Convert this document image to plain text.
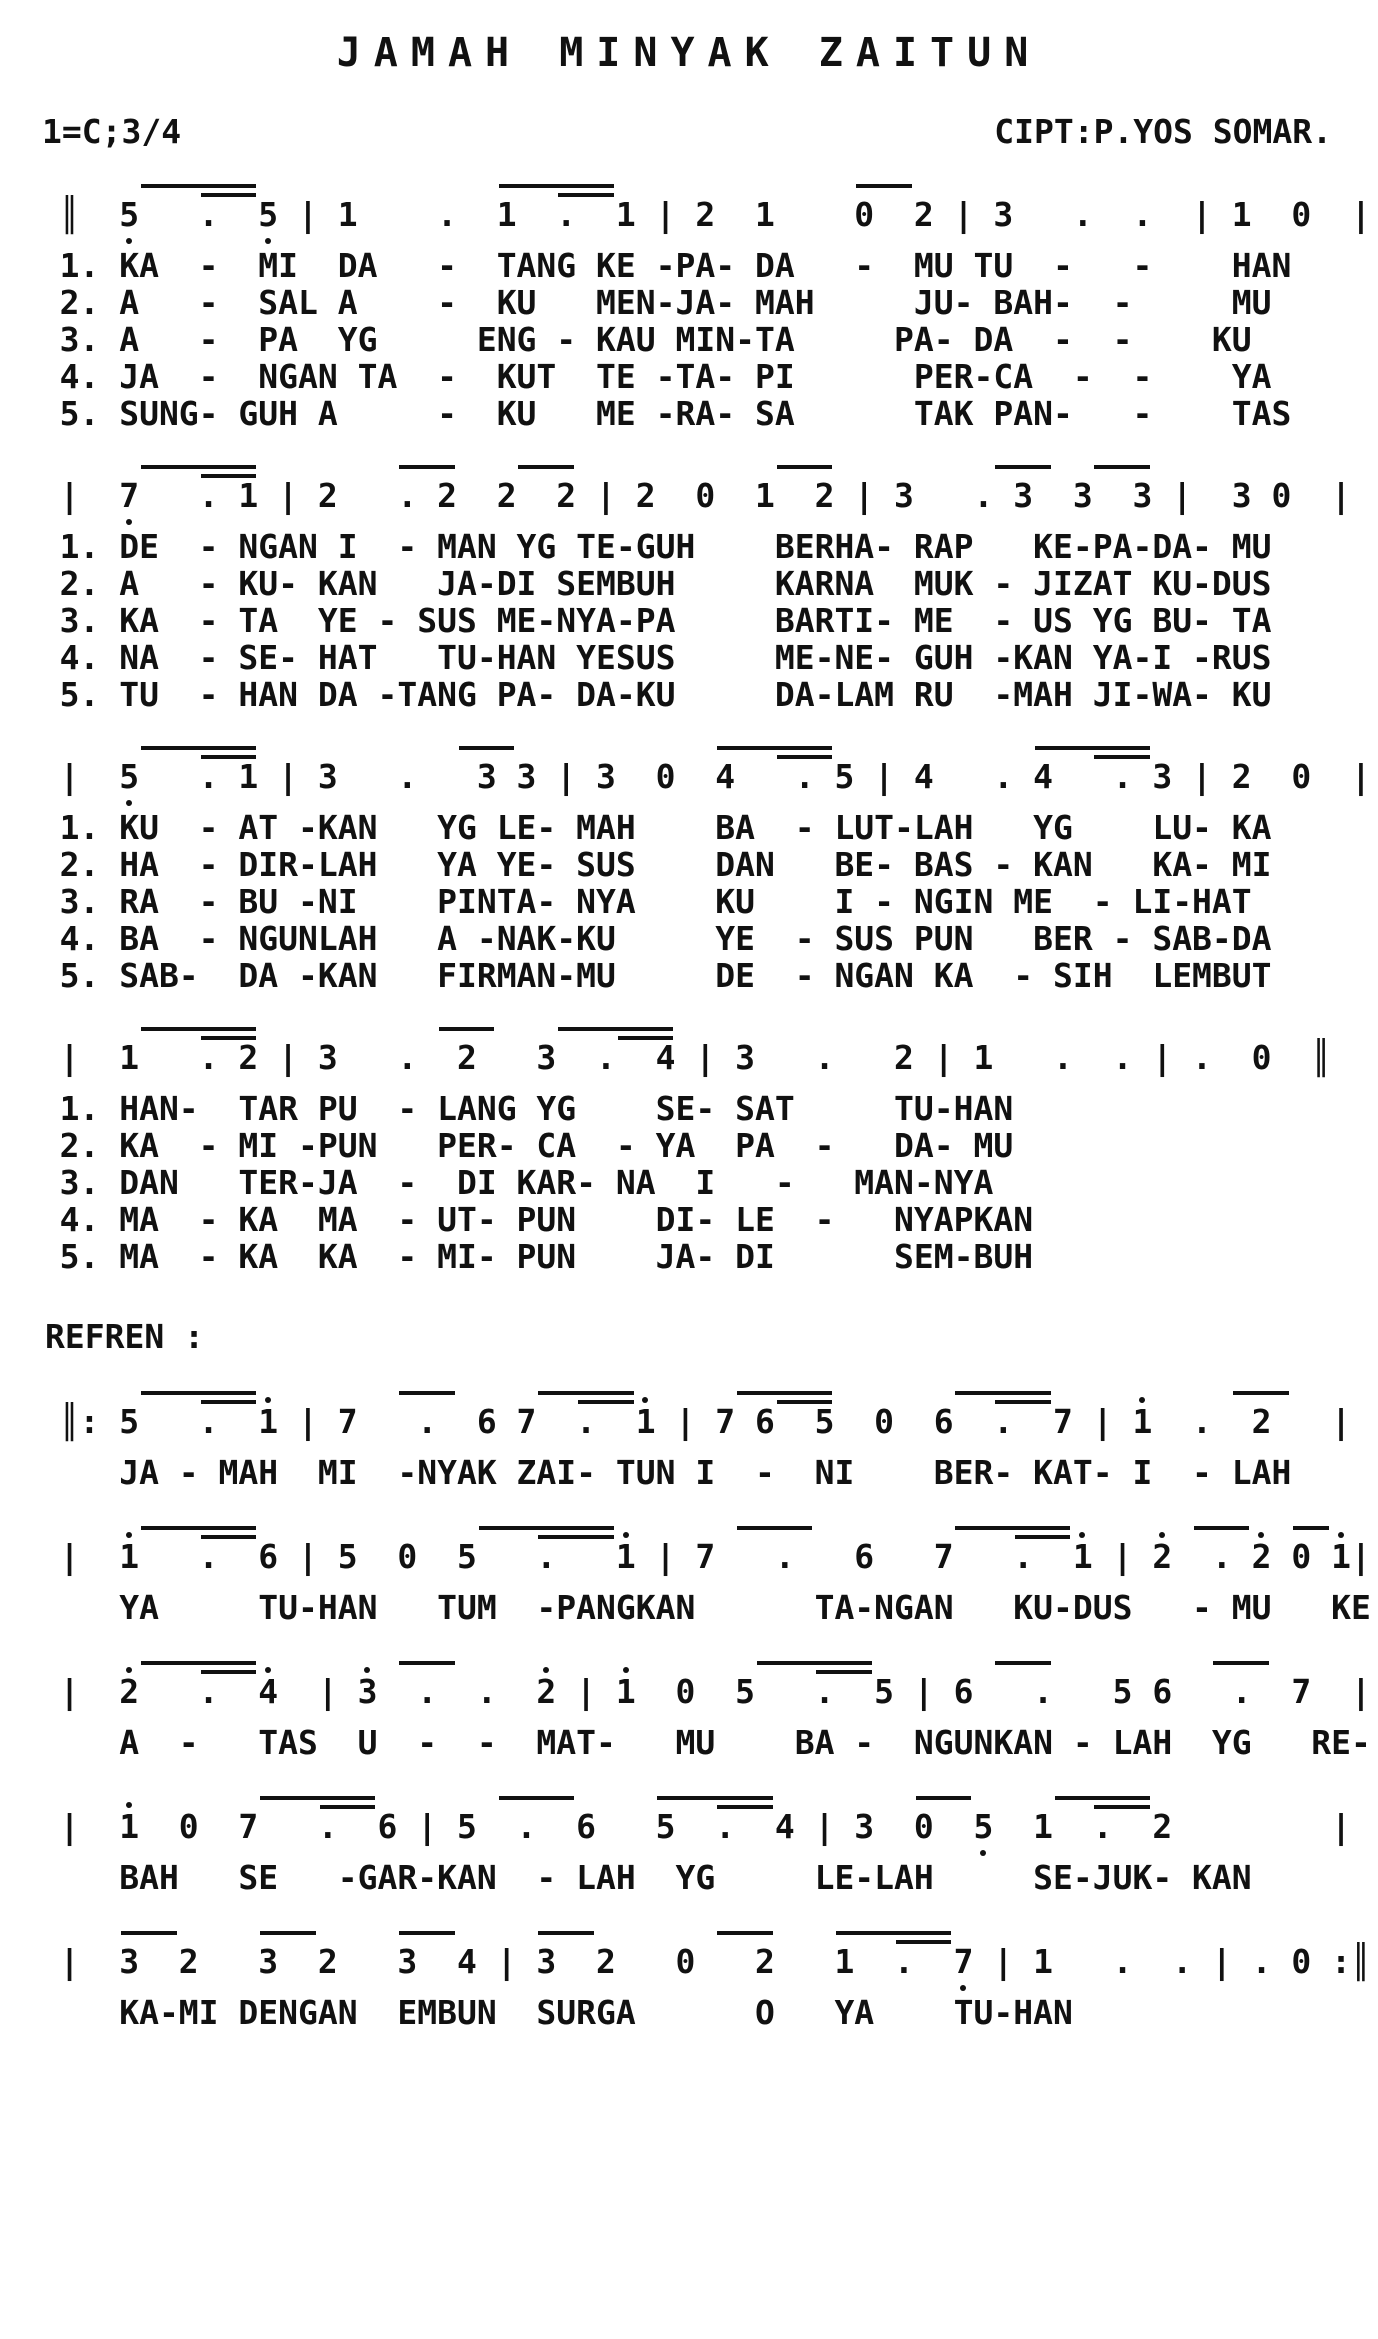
JAMAH MINYAK ZAITUN
1=C;3/4	CIPT:P.YOS SOMAR.
║  5   .  5 | 1    .  1  .  1 | 2  1    0  2 | 3   .  .  | 1  0  |
1. KA  -  MI  DA   -  TANG KE -PA- DA   -  MU TU  -   -    HAN
2. A   -  SAL A    -  KU   MEN-JA- MAH     JU- BAH-  -     MU
3. A   -  PA  YG     ENG - KAU MIN-TA     PA- DA  -  -    KU
4. JA  -  NGAN TA  -  KUT  TE -TA- PI      PER-CA  -  -    YA
5. SUNG- GUH A     -  KU   ME -RA- SA      TAK PAN-   -    TAS
|  7   . 1 | 2   . 2  2  2 | 2  0  1  2 | 3   . 3  3  3 |  3 0  |
1. DE  - NGAN I  - MAN YG TE-GUH    BERHA- RAP   KE-PA-DA- MU
2. A   - KU- KAN   JA-DI SEMBUH     KARNA  MUK - JIZAT KU-DUS
3. KA  - TA  YE - SUS ME-NYA-PA     BARTI- ME  - US YG BU- TA
4. NA  - SE- HAT   TU-HAN YESUS     ME-NE- GUH -KAN YA-I -RUS
5. TU  - HAN DA -TANG PA- DA-KU     DA-LAM RU  -MAH JI-WA- KU
|  5   . 1 | 3   .   3 3 | 3  0  4   . 5 | 4   . 4   . 3 | 2  0  |
1. KU  - AT -KAN   YG LE- MAH    BA  - LUT-LAH   YG    LU- KA
2. HA  - DIR-LAH   YA YE- SUS    DAN   BE- BAS - KAN   KA- MI
3. RA  - BU -NI    PINTA- NYA    KU    I - NGIN ME  - LI-HAT
4. BA  - NGUNLAH   A -NAK-KU     YE  - SUS PUN   BER - SAB-DA
5. SAB-  DA -KAN   FIRMAN-MU     DE  - NGAN KA  - SIH  LEMBUT
|  1   . 2 | 3   .  2   3  .  4 | 3   .   2 | 1   .  . | .  0  ║
1. HAN-  TAR PU  - LANG YG    SE- SAT     TU-HAN
2. KA  - MI -PUN   PER- CA  - YA  PA  -   DA- MU
3. DAN   TER-JA  -  DI KAR- NA  I   -   MAN-NYA
4. MA  - KA  MA  - UT- PUN    DI- LE  -   NYAPKAN
5. MA  - KA  KA  - MI- PUN    JA- DI      SEM-BUH
REFREN :
║: 5   .  1 | 7   .  6 7  .  1 | 7 6  5  0  6  .  7 | 1  .  2   |
JA - MAH  MI  -NYAK ZAI- TUN I  -  NI    BER- KAT- I  - LAH
|  1   .  6 | 5  0  5   .   1 | 7   .   6   7   .  1 | 2  . 2 0 1|
YA     TU-HAN   TUM  -PANGKAN      TA-NGAN   KU-DUS   - MU   KE
|  2   .  4  | 3  .  .  2 | 1  0  5   .  5 | 6   .   5 6   .  7  |
A  -   TAS  U  -  -  MAT-   MU    BA -  NGUNKAN - LAH  YG   RE-
|  1  0  7   .  6 | 5  .  6   5  .  4 | 3  0  5  1  .  2        |
BAH   SE   -GAR-KAN  - LAH  YG     LE-LAH     SE-JUK- KAN
|  3  2   3  2   3  4 | 3  2   0   2   1  .  7 | 1   .  . | . 0 :║
KA-MI DENGAN  EMBUN  SURGA      O   YA    TU-HAN
